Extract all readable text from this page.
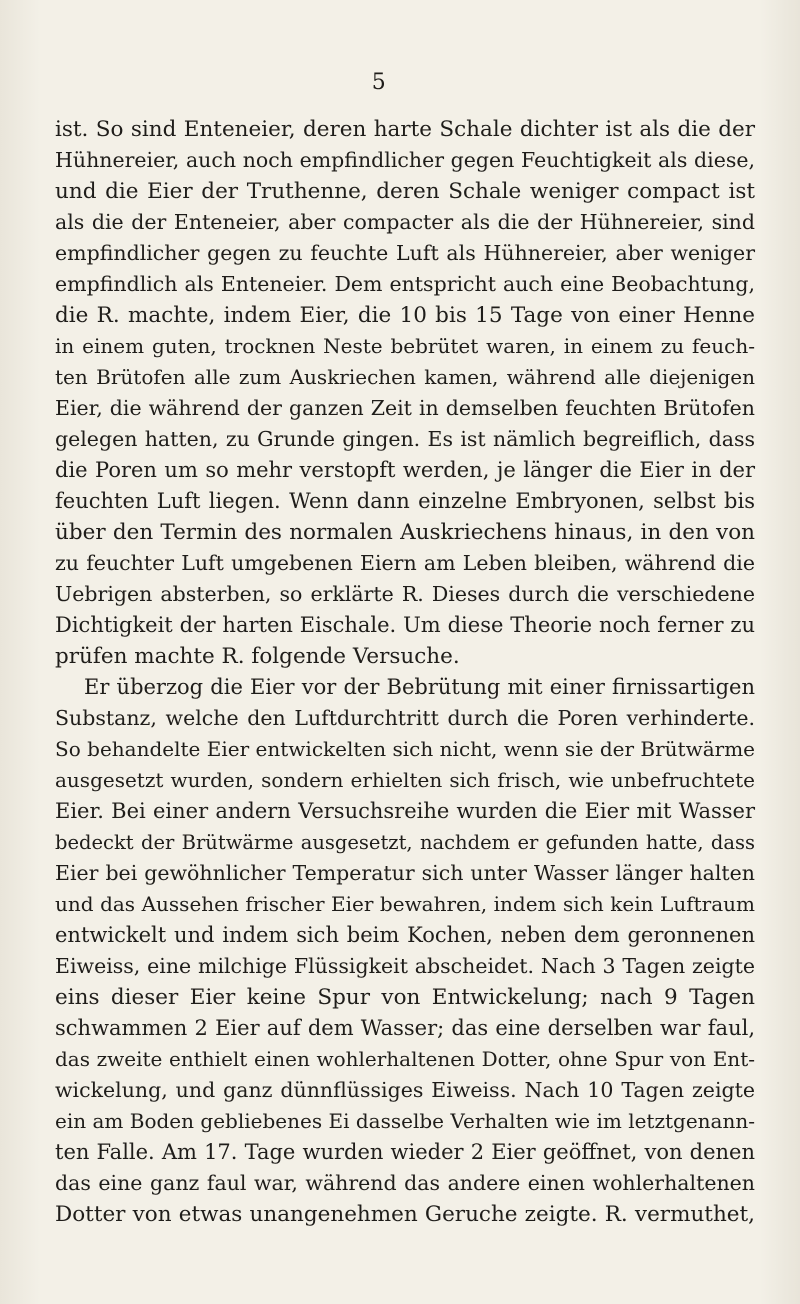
5
ist. So sind Enteneier, deren harte Schale dichter ist als die der
Hühnereier, auch noch empfindlicher gegen Feuchtigkeit als diese,
und die Eier der Truthenne, deren Schale weniger compact ist
als die der Enteneier, aber compacter als die der Hühnereier, sind
empfindlicher gegen zu feuchte Luft als Hühnereier, aber weniger
empfindlich als Enteneier. Dem entspricht auch eine Beobachtung,
die R. machte, indem Eier, die 10 bis 15 Tage von einer Henne
in einem guten, trocknen Neste bebrütet waren, in einem zu feuch-
ten Brütofen alle zum Auskriechen kamen, während alle diejenigen
Eier, die während der ganzen Zeit in demselben feuchten Brütofen
gelegen hatten, zu Grunde gingen. Es ist nämlich begreiflich, dass
die Poren um so mehr verstopft werden, je länger die Eier in der
feuchten Luft liegen. Wenn dann einzelne Embryonen, selbst bis
über den Termin des normalen Auskriechens hinaus, in den von
zu feuchter Luft umgebenen Eiern am Leben bleiben, während die
Uebrigen absterben, so erklärte R. Dieses durch die verschiedene
Dichtigkeit der harten Eischale. Um diese Theorie noch ferner zu
prüfen machte R. folgende Versuche.
Er überzog die Eier vor der Bebrütung mit einer firnissartigen
Substanz, welche den Luftdurchtritt durch die Poren verhinderte.
So behandelte Eier entwickelten sich nicht, wenn sie der Brütwärme
ausgesetzt wurden, sondern erhielten sich frisch, wie unbefruchtete
Eier. Bei einer andern Versuchsreihe wurden die Eier mit Wasser
bedeckt der Brütwärme ausgesetzt, nachdem er gefunden hatte, dass
Eier bei gewöhnlicher Temperatur sich unter Wasser länger halten
und das Aussehen frischer Eier bewahren, indem sich kein Luftraum
entwickelt und indem sich beim Kochen, neben dem geronnenen
Eiweiss, eine milchige Flüssigkeit abscheidet. Nach 3 Tagen zeigte
eins dieser Eier keine Spur von Entwickelung; nach 9 Tagen
schwammen 2 Eier auf dem Wasser; das eine derselben war faul,
das zweite enthielt einen wohlerhaltenen Dotter, ohne Spur von Ent-
wickelung, und ganz dünnflüssiges Eiweiss. Nach 10 Tagen zeigte
ein am Boden gebliebenes Ei dasselbe Verhalten wie im letztgenann-
ten Falle. Am 17. Tage wurden wieder 2 Eier geöffnet, von denen
das eine ganz faul war, während das andere einen wohlerhaltenen
Dotter von etwas unangenehmen Geruche zeigte. R. vermuthet,
